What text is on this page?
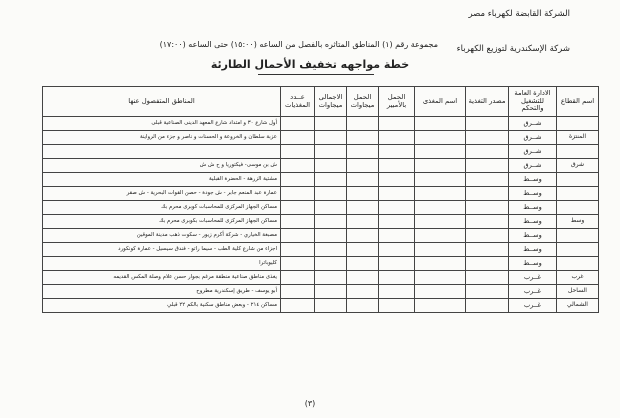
الشركة القابضة لكهرباء مصر
مجموعة رقم (١) المناطق المتاثره بالفصل من الساعه (١٥:٠٠) حتى الساعه (١٧:٠٠) شركة الإسكندرية لتوزيع الكهرباء
خطة مواجهه تخفيف الأحمال الطارئة
اسم القطاع	الادارة العامة للتشغيل والتحكم	مصدر التغذية	اسم المغذى	الحمل بالأمبير	الحمل ميجاوات	الاجمالى ميجاوات	عــدد المغذيات	المناطق المتفصول عنها
	شــرق							أول شارع ٣٠ و امتداد شارع المعهد الدينى الصناعية قبلى
المنتزة	شــرق							عزبة سلطان و الخروعة و الحسنات و ناصر و جزء من الرواينة
	شــرق							
شرق	شــرق							ش بن موسى- فيكتوريا و ح ش ش
	وســط							مشتية الزرهة - الحضرة القبلية
	وســط							عمارة عبد المنعم جابر - ش جودة - حصن القوات البحرية - ش صقر
	وســط							مساكن الجهاز المركزى للمحاسبات كوبرى محرم بك
وسط	وســط							مساكن الجهاز المركزى للمحاسبات بكوبرى محرم بك
	وســط							مصبغة الخياري - شركة أكرم زيور - سكوت ذهب مدينة الموقين
	وســط							اجزاء من شارع كلية الطب - سيما راتو - فندق سيسيل - عمارة كونكورد
	وســط							كليوباترا
غرب	غــرب							يغذى مناطق صناعية منطقة مرغم بجوار حسن علام وصلة المكس القديمه
الساحل	غــرب							أبو يوسف - طريق إسكندرية مطروح
الشمالي	غــرب							مساكن ٢١٤ - وبعض مناطق سكنية بالكم ٢٢ قبلي
(٣)
